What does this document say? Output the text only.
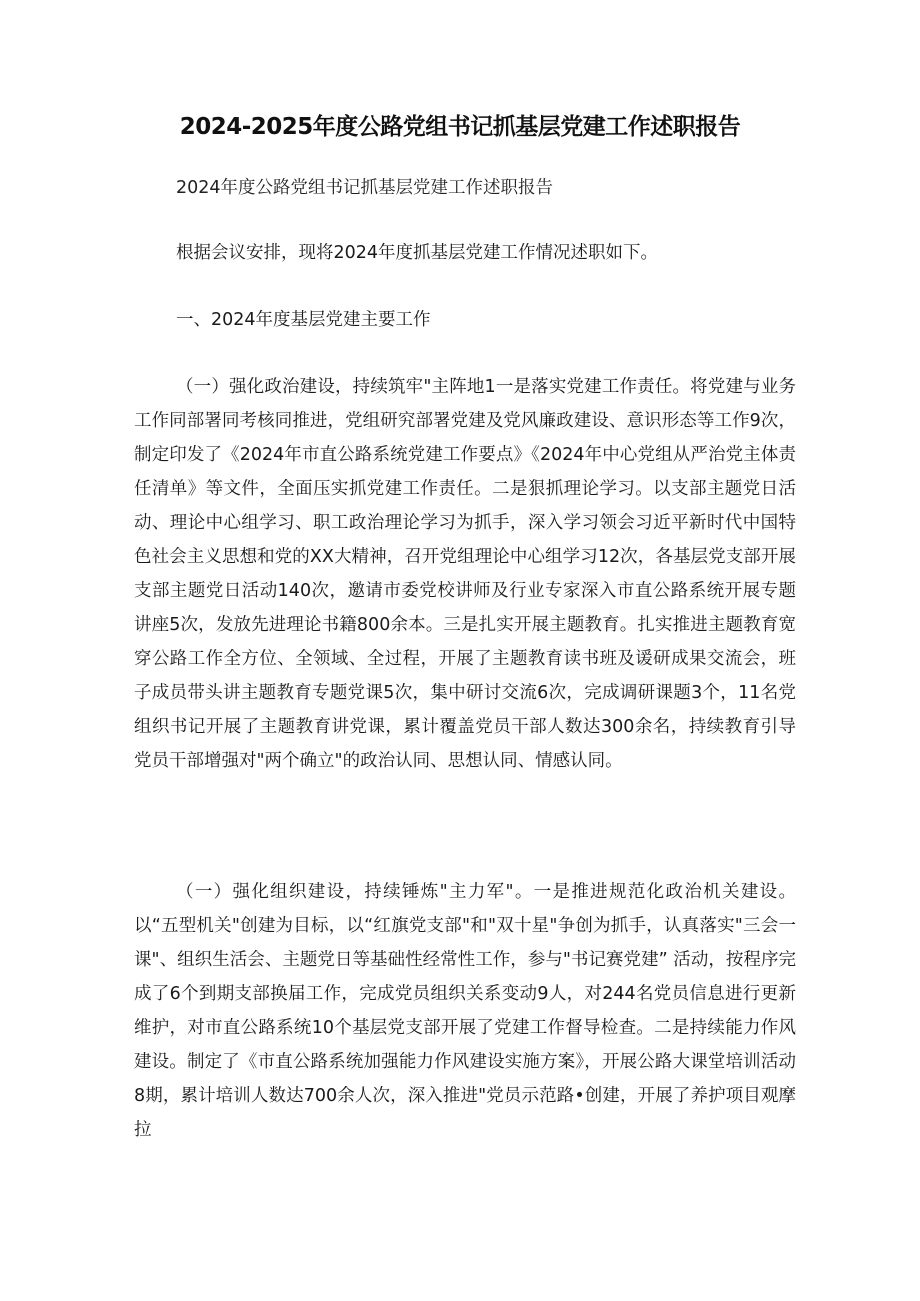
2024-2025年度公路党组书记抓基层党建工作述职报告
2024年度公路党组书记抓基层党建工作述职报告

根据会议安排，现将2024年度抓基层党建工作情况述职如下。

一、2024年度基层党建主要工作

（一）强化政治建设，持续筑牢"主阵地1一是落实党建工作责任。将党建与业务工作同部署同考核同推进，党组研究部署党建及党风廉政建设、意识形态等工作9次，制定印发了《2024年市直公路系统党建工作要点》《2024年中心党组从严治党主体责任清单》等文件，全面压实抓党建工作责任。二是狠抓理论学习。以支部主题党日活动、理论中心组学习、职工政治理论学习为抓手，深入学习领会习近平新时代中国特色社会主义思想和党的XX大精神，召开党组理论中心组学习12次，各基层党支部开展支部主题党日活动140次，邀请市委党校讲师及行业专家深入市直公路系统开展专题讲座5次，发放先进理论书籍800余本。三是扎实开展主题教育。扎实推进主题教育宽穿公路工作全方位、全领域、全过程，开展了主题教育读书班及谖研成果交流会，班子成员带头讲主题教育专题党课5次，集中研讨交流6次，完成调研课题3个，11名党组织书记开展了主题教育讲党课，累计覆盖党员干部人数达300余名，持续教育引导党员干部增强对"两个确立"的政治认同、思想认同、情感认同。

（一）强化组织建设，持续锤炼"主力军"。一是推进规范化政治机关建设。以“五型机关"创建为目标，以“红旗党支部"和"双十星"争创为抓手，认真落实"三会一课"、组织生活会、主题党日等基础性经常性工作，参与"书记赛党建” 活动，按程序完成了6个到期支部换届工作，完成党员组织关系变动9人，对244名党员信息进行更新维护，对市直公路系统10个基层党支部开展了党建工作督导检查。二是持续能力作风建设。制定了《市直公路系统加强能力作风建设实施方案》，开展公路大课堂培训活动8期，累计培训人数达700余人次，深入推进"党员示范路•创建，开展了养护项目观摩拉
